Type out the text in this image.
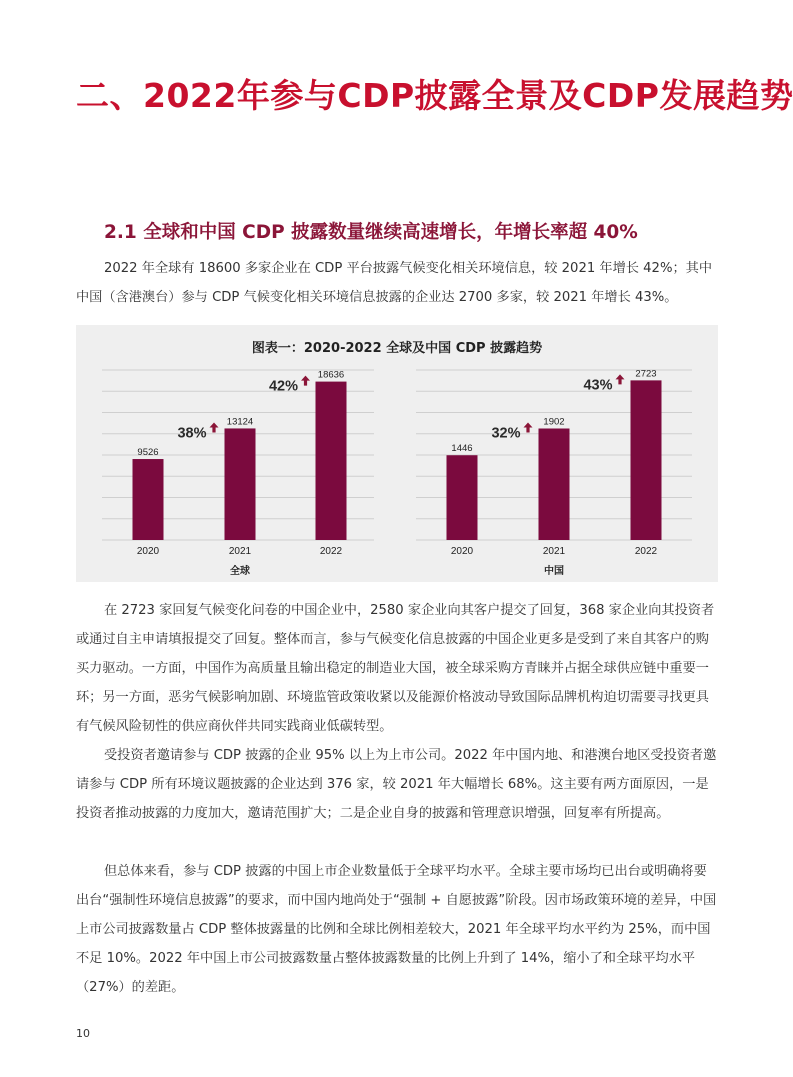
二、2022年参与CDP披露全景及CDP发展趋势
2.1 全球和中国 CDP 披露数量继续高速增长，年增长率超 40%

2022 年全球有 18600 多家企业在 CDP 平台披露气候变化相关环境信息，较 2021 年增长 42%；其中中国（含港澳台）参与 CDP 气候变化相关环境信息披露的企业达 2700 多家，较 2021 年增长 43%。

图表一：2020-2022 全球及中国 CDP 披露趋势
9526
2020
13124
2021
18636
2022
全球
38%
42%
1446
2020
1902
2021
2723
2022
中国
32%
43%

在 2723 家回复气候变化问卷的中国企业中，2580 家企业向其客户提交了回复，368 家企业向其投资者或通过自主申请填报提交了回复。整体而言，参与气候变化信息披露的中国企业更多是受到了来自其客户的购买力驱动。一方面，中国作为高质量且输出稳定的制造业大国，被全球采购方青睐并占据全球供应链中重要一环；另一方面，恶劣气候影响加剧、环境监管政策收紧以及能源价格波动导致国际品牌机构迫切需要寻找更具有气候风险韧性的供应商伙伴共同实践商业低碳转型。

受投资者邀请参与 CDP 披露的企业 95% 以上为上市公司。2022 年中国内地、和港澳台地区受投资者邀请参与 CDP 所有环境议题披露的企业达到 376 家，较 2021 年大幅增长 68%。这主要有两方面原因，一是投资者推动披露的力度加大，邀请范围扩大；二是企业自身的披露和管理意识增强，回复率有所提高。

但总体来看，参与 CDP 披露的中国上市企业数量低于全球平均水平。全球主要市场均已出台或明确将要出台“强制性环境信息披露”的要求，而中国内地尚处于“强制 + 自愿披露”阶段。因市场政策环境的差异，中国上市公司披露数量占 CDP 整体披露量的比例和全球比例相差较大，2021 年全球平均水平约为 25%，而中国不足 10%。2022 年中国上市公司披露数量占整体披露数量的比例上升到了 14%，缩小了和全球平均水平（27%）的差距。

10
